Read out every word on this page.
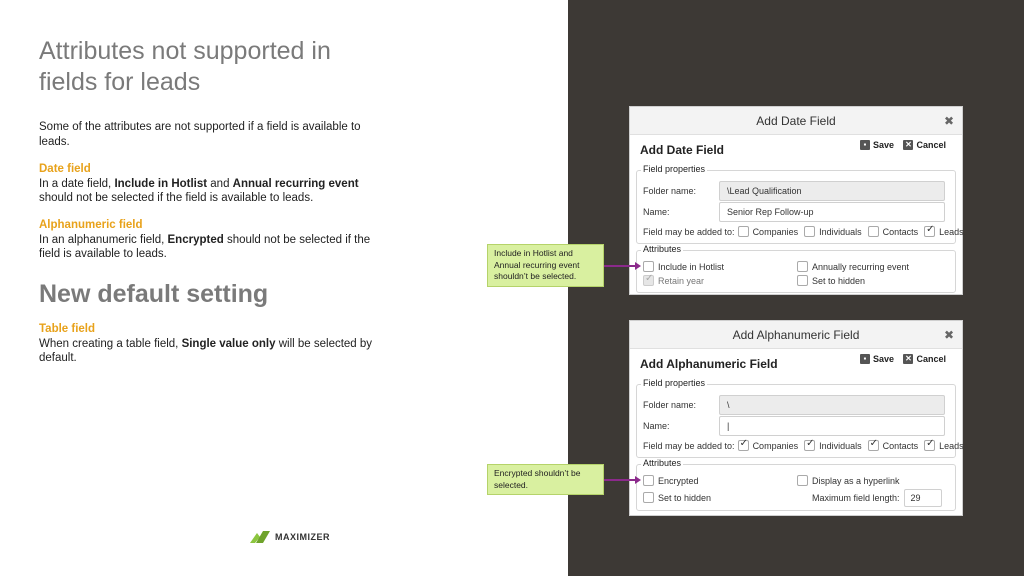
Attributes not supported in fields for leads

Some of the attributes are not supported if a field is available to leads.

Date field
In a date field, Include in Hotlist and Annual recurring event should not be selected if the field is available to leads.
Alphanumeric field
In an alphanumeric field, Encrypted should not be selected if the field is available to leads.
New default setting
Table field
When creating a table field, Single value only will be selected by default.
MAXIMIZER
Add Date Field	✖
Add Date Field	▪ Save ✕ Cancel
Field properties
Folder name:	\Lead Qualification
Name:	Senior Rep Follow-up
Field may be added to: Companies Individuals Contacts ✓ Leads
Attributes
Include in Hotlist	Annually recurring event
✓
Retain year	Set to hidden
Add Alphanumeric Field	✖
Add Alphanumeric Field	▪ Save ✕ Cancel
Field properties
Folder name:	\
Name:	|
Field may be added to: ✓ Companies ✓ Individuals ✓ Contacts ✓ Leads
Attributes
Encrypted	Display as a hyperlink
Set to hidden	Maximum field length:	29
Include in Hotlist and Annual recurring event shouldn’t be selected.
Encrypted shouldn’t be selected.
